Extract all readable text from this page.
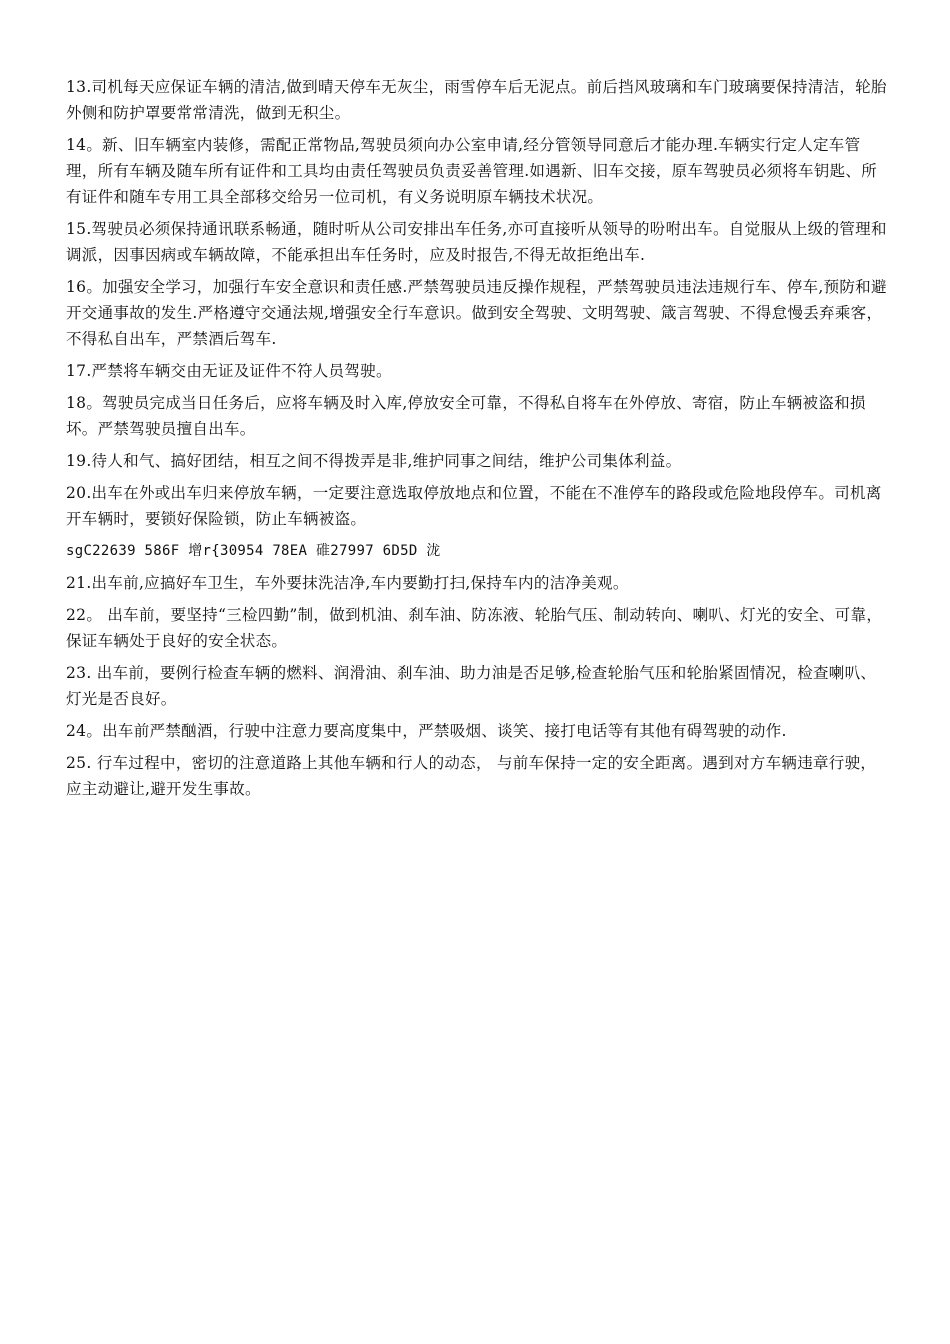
13.司机每天应保证车辆的清洁,做到晴天停车无灰尘，雨雪停车后无泥点。前后挡风玻璃和车门玻璃要保持清洁，轮胎外侧和防护罩要常常清洗，做到无积尘。

14。新、旧车辆室内装修，需配正常物品,驾驶员须向办公室申请,经分管领导同意后才能办理.车辆实行定人定车管理，所有车辆及随车所有证件和工具均由责任驾驶员负责妥善管理.如遇新、旧车交接，原车驾驶员必须将车钥匙、所有证件和随车专用工具全部移交给另一位司机，有义务说明原车辆技术状况。

15.驾驶员必须保持通讯联系畅通，随时听从公司安排出车任务,亦可直接听从领导的吩咐出车。自觉服从上级的管理和调派，因事因病或车辆故障，不能承担出车任务时，应及时报告,不得无故拒绝出车.

16。加强安全学习，加强行车安全意识和责任感.严禁驾驶员违反操作规程，严禁驾驶员违法违规行车、停车,预防和避开交通事故的发生.严格遵守交通法规,增强安全行车意识。做到安全驾驶、文明驾驶、箴言驾驶、不得怠慢丢弃乘客，不得私自出车，严禁酒后驾车.

17.严禁将车辆交由无证及证件不符人员驾驶。

18。驾驶员完成当日任务后，应将车辆及时入库,停放安全可靠，不得私自将车在外停放、寄宿，防止车辆被盗和损坏。严禁驾驶员擅自出车。

19.待人和气、搞好团结，相互之间不得拨弄是非,维护同事之间结，维护公司集体利益。

20.出车在外或出车归来停放车辆，一定要注意选取停放地点和位置，不能在不准停车的路段或危险地段停车。司机离开车辆时，要锁好保险锁，防止车辆被盗。

sgC22639 586F 增r{30954 78EA 碓27997 6D5D 泷

21.出车前,应搞好车卫生，车外要抹洗洁净,车内要勤打扫,保持车内的洁净美观。

22。 出车前，要坚持“三检四勤”制，做到机油、刹车油、防冻液、轮胎气压、制动转向、喇叭、灯光的安全、可靠，保证车辆处于良好的安全状态。

23. 出车前，要例行检查车辆的燃料、润滑油、刹车油、助力油是否足够,检查轮胎气压和轮胎紧固情况，检查喇叭、灯光是否良好。

24。出车前严禁酗酒，行驶中注意力要高度集中，严禁吸烟、谈笑、接打电话等有其他有碍驾驶的动作.

25. 行车过程中，密切的注意道路上其他车辆和行人的动态， 与前车保持一定的安全距离。遇到对方车辆违章行驶，应主动避让,避开发生事故。
